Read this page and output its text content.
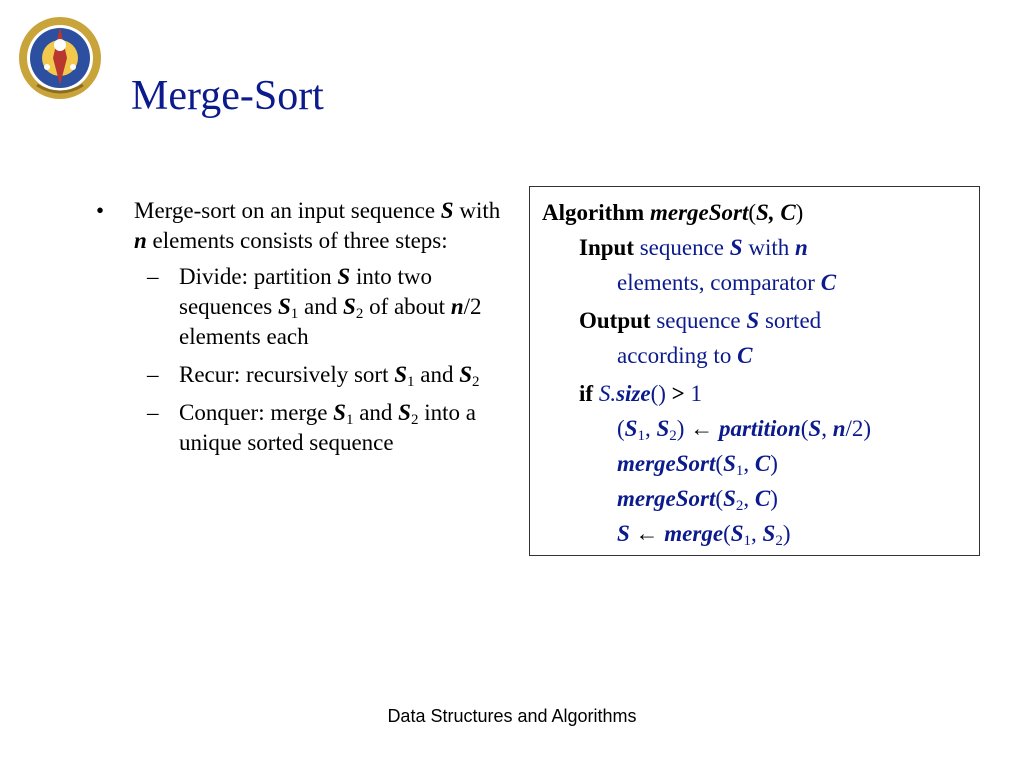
Merge-Sort
• Merge-sort on an input sequence S with n elements consists of three steps:
– Divide: partition S into two sequences $S_1$ and $S_2$ of about n/2 elements each
– Recur: recursively sort $S_1$ and $S_2$
– Conquer: merge $S_1$ and $S_2$ into a unique sorted sequence
Algorithm mergeSort(S, C)
Input sequence S with n
elements, comparator C
Output sequence S sorted
according to C
if S.size() > 1
($S_1$, $S_2$) ← partition(S, n/2)
$mergeSort(S_1$, C)
$mergeSort(S_2$, C)
S ← $merge(S_1$, $S_2$)
Data Structures and Algorithms
